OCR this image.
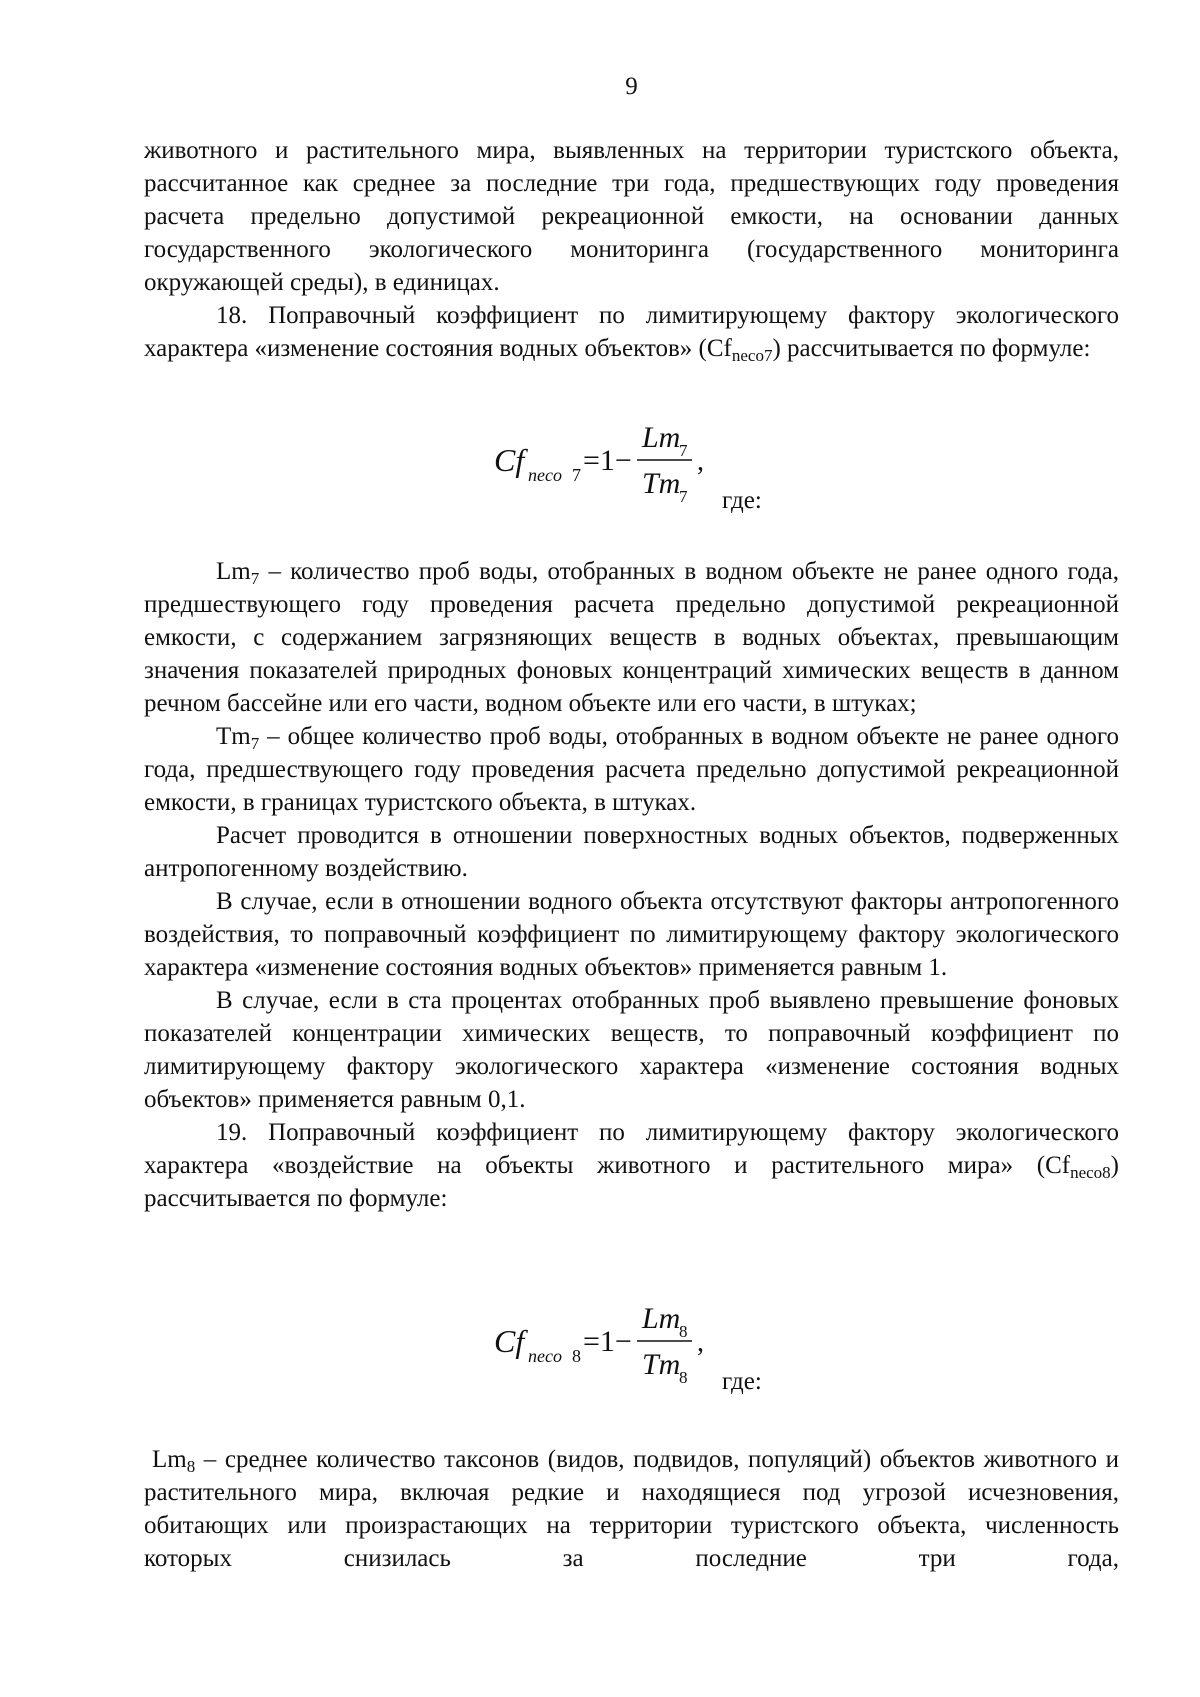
9

животного и растительного мира, выявленных на территории туристского объекта, рассчитанное как среднее за последние три года, предшествующих году проведения расчета предельно допустимой рекреационной емкости, на основании данных государственного экологического мониторинга (государственного мониторинга окружающей среды), в единицах.

18. Поправочный коэффициент по лимитирующему фактору экологического характера «изменение состояния водных объектов» $(Cf_{neco7})$ рассчитывается по формуле:

Cf neco 7 =1−
Lm
7
Tm
7
,
где:

$Lm_7$ – количество проб воды, отобранных в водном объекте не ранее одного года, предшествующего году проведения расчета предельно допустимой рекреационной емкости, с содержанием загрязняющих веществ в водных объектах, превышающим значения показателей природных фоновых концентраций химических веществ в данном речном бассейне или его части, водном объекте или его части, в штуках;

$Tm_7$ – общее количество проб воды, отобранных в водном объекте не ранее одного года, предшествующего году проведения расчета предельно допустимой рекреационной емкости, в границах туристского объекта, в штуках.

Расчет проводится в отношении поверхностных водных объектов, подверженных антропогенному воздействию.

В случае, если в отношении водного объекта отсутствуют факторы антропогенного воздействия, то поправочный коэффициент по лимитирующему фактору экологического характера «изменение состояния водных объектов» применяется равным 1.

В случае, если в ста процентах отобранных проб выявлено превышение фоновых показателей концентрации химических веществ, то поправочный коэффициент по лимитирующему фактору экологического характера «изменение состояния водных объектов» применяется равным 0,1.

19. Поправочный коэффициент по лимитирующему фактору экологического характера «воздействие на объекты животного и растительного мира» $(Cf_{neco8})$ рассчитывается по формуле:

Cf neco 8 =1−
Lm
8
Tm
8
,
где:

$Lm_8$ – среднее количество таксонов (видов, подвидов, популяций) объектов животного и растительного мира, включая редкие и находящиеся под угрозой исчезновения, обитающих или произрастающих на территории туристского объекта, численность которых снизилась за последние три года,
